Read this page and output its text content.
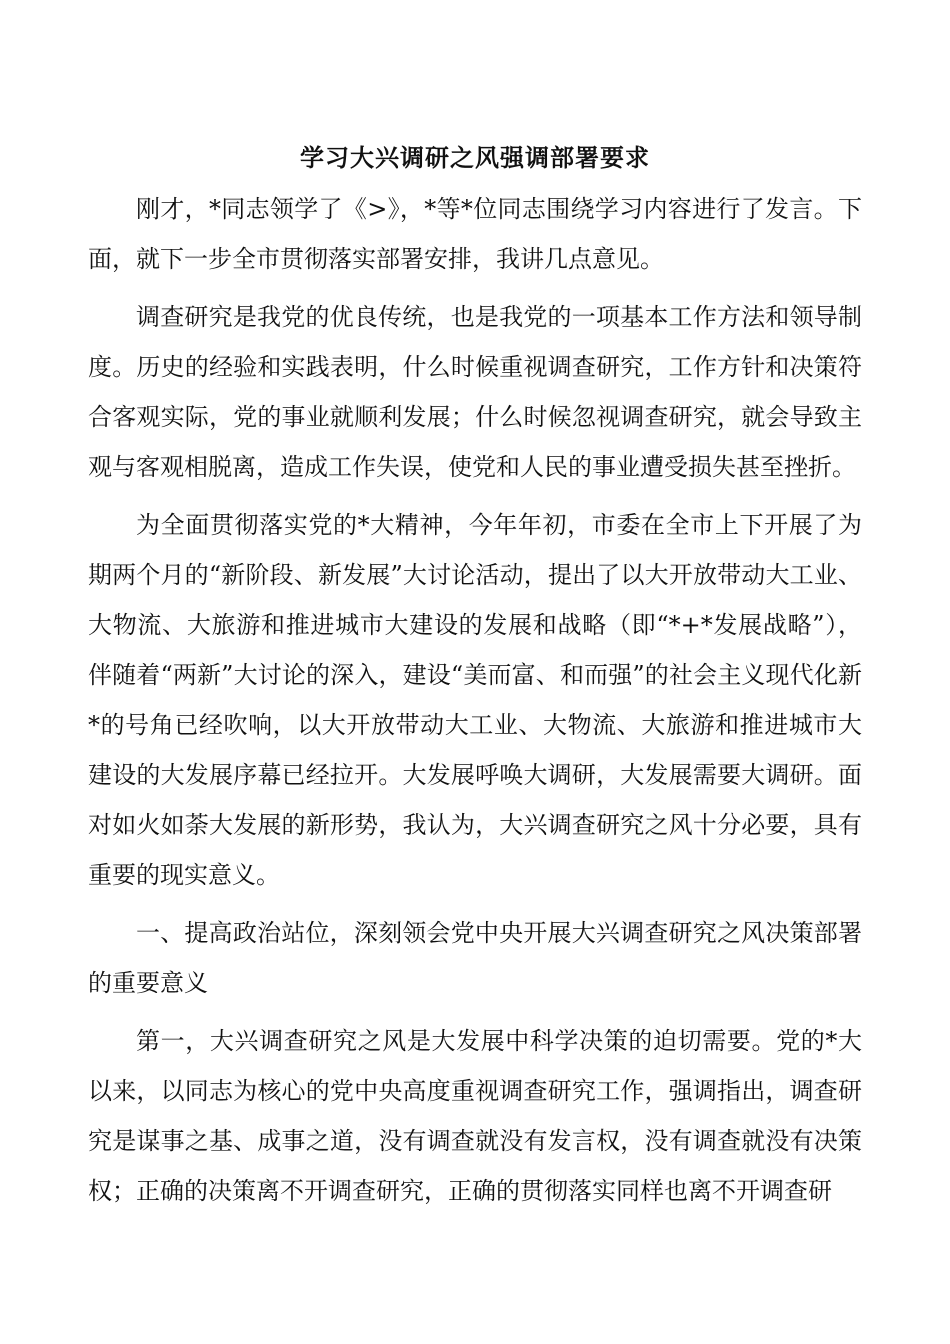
学习大兴调研之风强调部署要求

刚才，*同志领学了《>》，*等*位同志围绕学习内容进行了发言。下面，就下一步全市贯彻落实部署安排，我讲几点意见。

调查研究是我党的优良传统，也是我党的一项基本工作方法和领导制度。历史的经验和实践表明，什么时候重视调查研究，工作方针和决策符合客观实际，党的事业就顺利发展；什么时候忽视调查研究，就会导致主观与客观相脱离，造成工作失误，使党和人民的事业遭受损失甚至挫折。

为全面贯彻落实党的*大精神，今年年初，市委在全市上下开展了为期两个月的“新阶段、新发展”大讨论活动，提出了以大开放带动大工业、大物流、大旅游和推进城市大建设的发展和战略（即“*+*发展战略”），伴随着“两新”大讨论的深入，建设“美而富、和而强”的社会主义现代化新*的号角已经吹响，以大开放带动大工业、大物流、大旅游和推进城市大建设的大发展序幕已经拉开。大发展呼唤大调研，大发展需要大调研。面对如火如荼大发展的新形势，我认为，大兴调查研究之风十分必要，具有重要的现实意义。

一、提高政治站位，深刻领会党中央开展大兴调查研究之风决策部署的重要意义

第一，大兴调查研究之风是大发展中科学决策的迫切需要。党的*大以来，以同志为核心的党中央高度重视调查研究工作，强调指出，调查研究是谋事之基、成事之道，没有调查就没有发言权，没有调查就没有决策权；正确的决策离不开调查研究，正确的贯彻落实同样也离不开调查研
